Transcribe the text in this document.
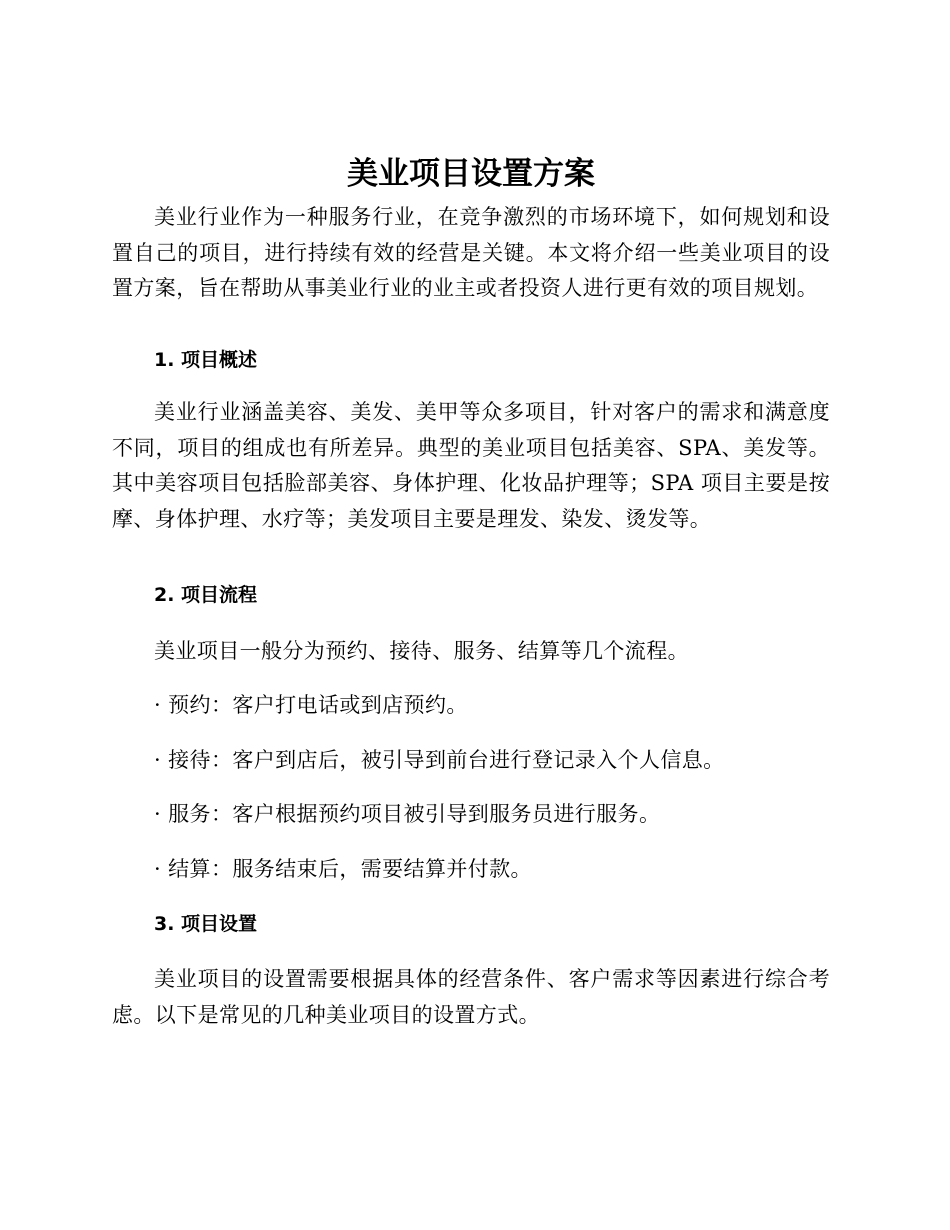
美业项目设置方案

美业行业作为一种服务行业，在竞争激烈的市场环境下，如何规划和设置自己的项目，进行持续有效的经营是关键。本文将介绍一些美业项目的设置方案，旨在帮助从事美业行业的业主或者投资人进行更有效的项目规划。

1. 项目概述

美业行业涵盖美容、美发、美甲等众多项目，针对客户的需求和满意度不同，项目的组成也有所差异。典型的美业项目包括美容、SPA、美发等。其中美容项目包括脸部美容、身体护理、化妆品护理等；SPA 项目主要是按摩、身体护理、水疗等；美发项目主要是理发、染发、烫发等。

2. 项目流程

美业项目一般分为预约、接待、服务、结算等几个流程。

· 预约：客户打电话或到店预约。

· 接待：客户到店后，被引导到前台进行登记录入个人信息。

· 服务：客户根据预约项目被引导到服务员进行服务。

· 结算：服务结束后，需要结算并付款。

3. 项目设置

美业项目的设置需要根据具体的经营条件、客户需求等因素进行综合考虑。以下是常见的几种美业项目的设置方式。
